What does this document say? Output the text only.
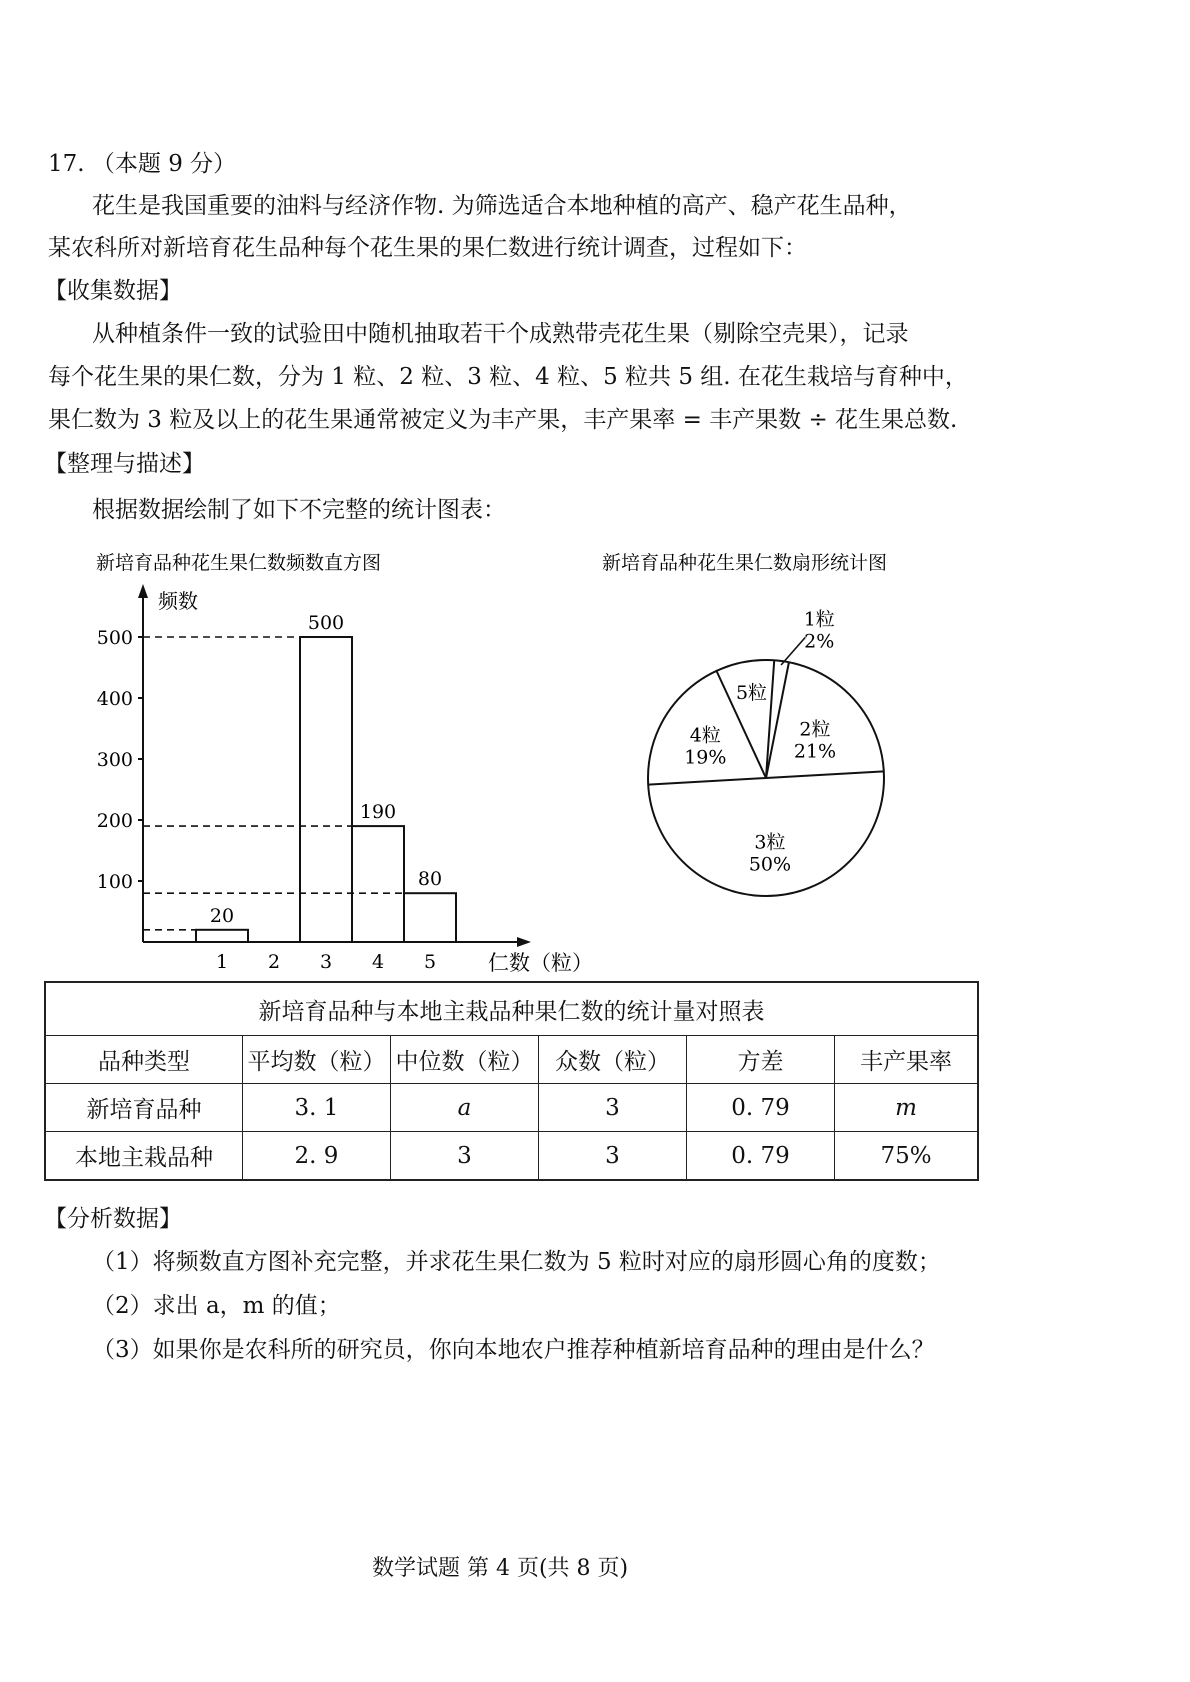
17. （本题 9 分）
花生是我国重要的油料与经济作物. 为筛选适合本地种植的高产、稳产花生品种，
某农科所对新培育花生品种每个花生果的果仁数进行统计调查，过程如下：
【收集数据】
从种植条件一致的试验田中随机抽取若干个成熟带壳花生果（剔除空壳果），记录
每个花生果的果仁数，分为 1 粒、2 粒、3 粒、4 粒、5 粒共 5 组. 在花生栽培与育种中，
果仁数为 3 粒及以上的花生果通常被定义为丰产果，丰产果率 = 丰产果数 ÷ 花生果总数.
【整理与描述】
根据数据绘制了如下不完整的统计图表：
新培育品种花生果仁数频数直方图
频数
仁数（粒）
100
200
300
400
500
20
500
190
80
1 2 3 4 5
新培育品种花生果仁数扇形统计图
1粒
2%
2粒
21%
3粒
50%
4粒
19%
5粒
新培育品种与本地主栽品种果仁数的统计量对照表					
品种类型	平均数（粒）	中位数（粒）	众数（粒）	方差	丰产果率
新培育品种	3. 1	a	3	0. 79	m
本地主栽品种	2. 9	3	3	0. 79	75%
【分析数据】
（1）将频数直方图补充完整，并求花生果仁数为 5 粒时对应的扇形圆心角的度数；
（2）求出 a，m 的值；
（3）如果你是农科所的研究员，你向本地农户推荐种植新培育品种的理由是什么？
数学试题 第 4 页(共 8 页)
